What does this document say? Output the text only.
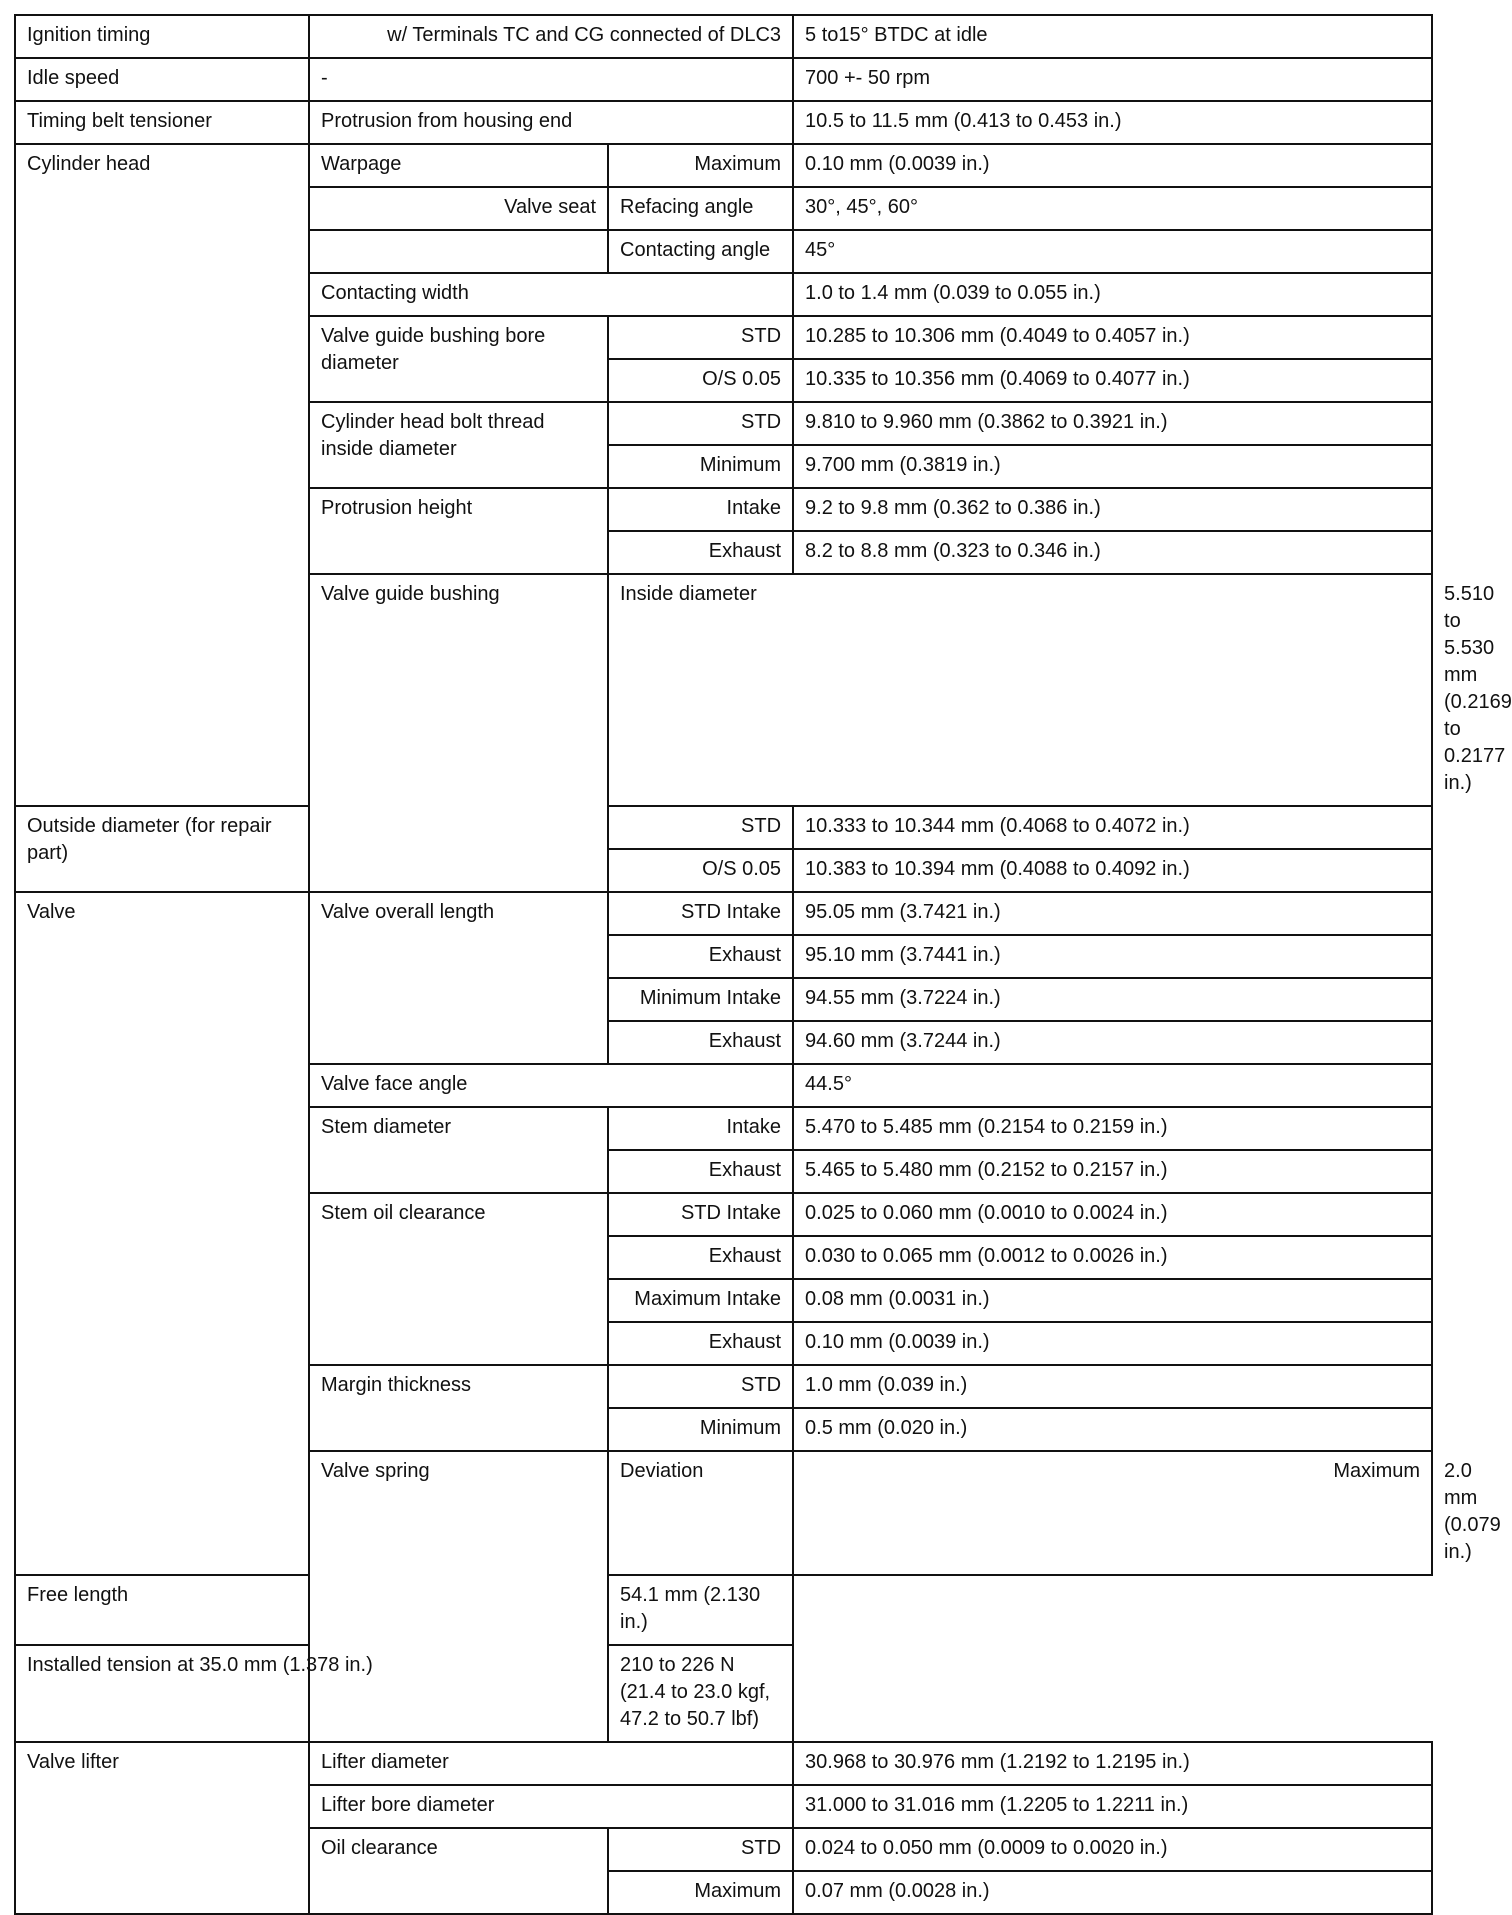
Ignition timing	w/ Terminals TC and CG connected of DLC3		5 to15° BTDC at idle	
Idle speed	-		700 +- 50 rpm	
Timing belt tensioner	Protrusion from housing end		10.5 to 11.5 mm (0.413 to 0.453 in.)	
Cylinder head	Warpage	Maximum	0.10 mm (0.0039 in.)	
	Valve seat	Refacing angle	30°, 45°, 60°	
		Contacting angle	45°	
	Contacting width		1.0 to 1.4 mm (0.039 to 0.055 in.)	
	Valve guide bushing bore diameter	STD	10.285 to 10.306 mm (0.4049 to 0.4057 in.)	
		O/S 0.05	10.335 to 10.356 mm (0.4069 to 0.4077 in.)	
	Cylinder head bolt thread inside diameter	STD	9.810 to 9.960 mm (0.3862 to 0.3921 in.)	
		Minimum	9.700 mm (0.3819 in.)	
	Protrusion height	Intake	9.2 to 9.8 mm (0.362 to 0.386 in.)	
		Exhaust	8.2 to 8.8 mm (0.323 to 0.346 in.)	
	Valve guide bushing	Inside diameter		5.510 to 5.530 mm (0.2169 to 0.2177 in.)
Outside diameter (for repair part)		STD	10.333 to 10.344 mm (0.4068 to 0.4072 in.)	
		O/S 0.05	10.383 to 10.394 mm (0.4088 to 0.4092 in.)	
Valve	Valve overall length	STD Intake	95.05 mm (3.7421 in.)	
		Exhaust	95.10 mm (3.7441 in.)	
		Minimum Intake	94.55 mm (3.7224 in.)	
		Exhaust	94.60 mm (3.7244 in.)	
	Valve face angle		44.5°	
	Stem diameter	Intake	5.470 to 5.485 mm (0.2154 to 0.2159 in.)	
		Exhaust	5.465 to 5.480 mm (0.2152 to 0.2157 in.)	
	Stem oil clearance	STD Intake	0.025 to 0.060 mm (0.0010 to 0.0024 in.)	
		Exhaust	0.030 to 0.065 mm (0.0012 to 0.0026 in.)	
		Maximum Intake	0.08 mm (0.0031 in.)	
		Exhaust	0.10 mm (0.0039 in.)	
	Margin thickness	STD	1.0 mm (0.039 in.)	
		Minimum	0.5 mm (0.020 in.)	
	Valve spring	Deviation	Maximum	2.0 mm (0.079 in.)
Free length		54.1 mm (2.130 in.)		
Installed tension at 35.0 mm (1.378 in.)		210 to 226 N (21.4 to 23.0 kgf, 47.2 to 50.7 lbf)		
Valve lifter	Lifter diameter		30.968 to 30.976 mm (1.2192 to 1.2195 in.)	
	Lifter bore diameter		31.000 to 31.016 mm (1.2205 to 1.2211 in.)	
	Oil clearance	STD	0.024 to 0.050 mm (0.0009 to 0.0020 in.)	
		Maximum	0.07 mm (0.0028 in.)	
